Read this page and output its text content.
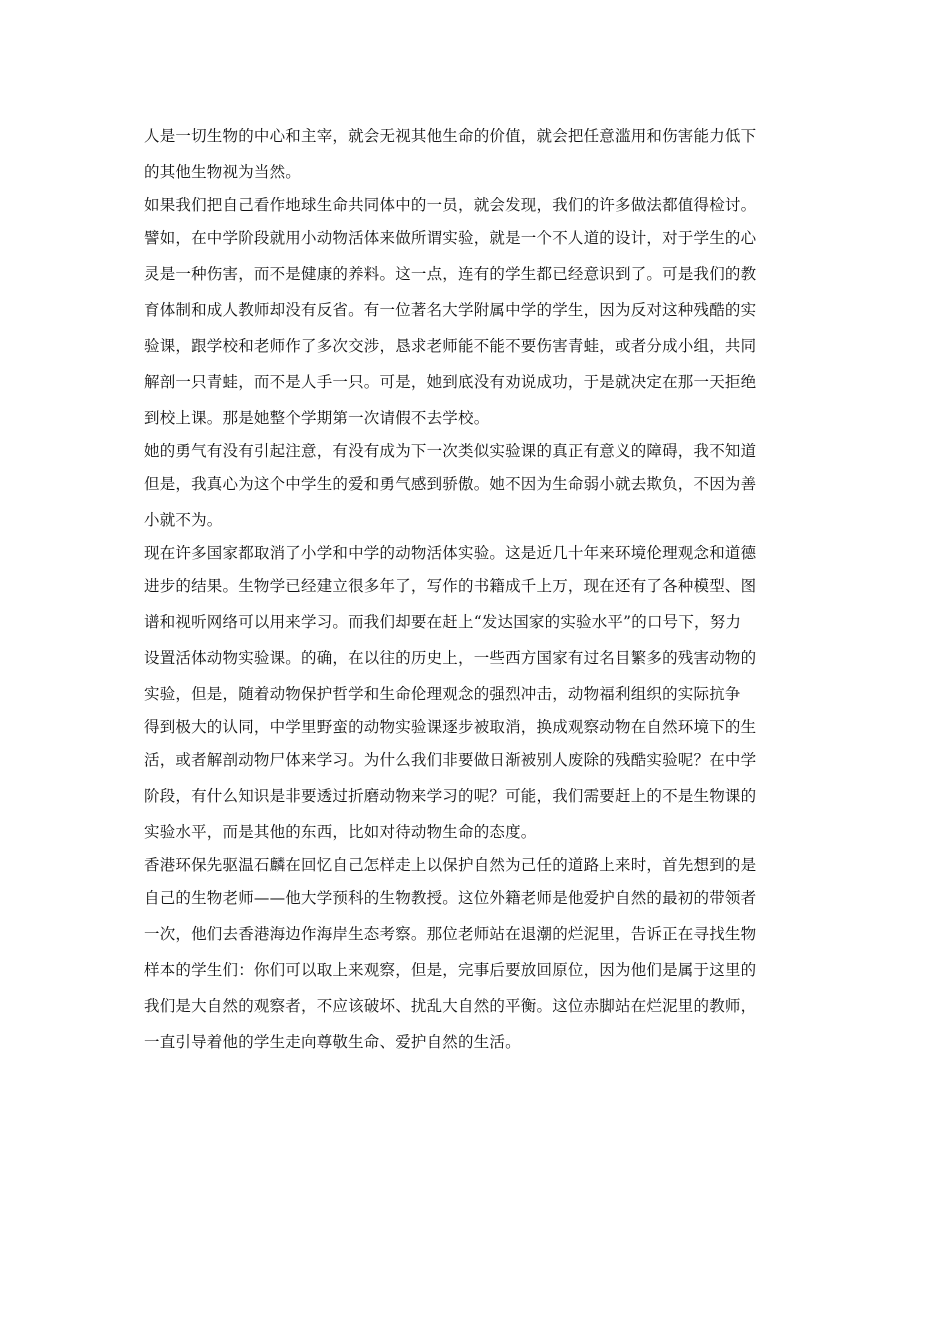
人是一切生物的中心和主宰，就会无视其他生命的价值，就会把任意滥用和伤害能力低下
的其他生物视为当然。
如果我们把自己看作地球生命共同体中的一员，就会发现，我们的许多做法都值得检讨。
譬如，在中学阶段就用小动物活体来做所谓实验，就是一个不人道的设计，对于学生的心
灵是一种伤害，而不是健康的养料。这一点，连有的学生都已经意识到了。可是我们的教
育体制和成人教师却没有反省。有一位著名大学附属中学的学生，因为反对这种残酷的实
验课，跟学校和老师作了多次交涉，恳求老师能不能不要伤害青蛙，或者分成小组，共同
解剖一只青蛙，而不是人手一只。可是，她到底没有劝说成功，于是就决定在那一天拒绝
到校上课。那是她整个学期第一次请假不去学校。
她的勇气有没有引起注意，有没有成为下一次类似实验课的真正有意义的障碍，我不知道
但是，我真心为这个中学生的爱和勇气感到骄傲。她不因为生命弱小就去欺负，不因为善
小就不为。
现在许多国家都取消了小学和中学的动物活体实验。这是近几十年来环境伦理观念和道德
进步的结果。生物学已经建立很多年了，写作的书籍成千上万，现在还有了各种模型、图
谱和视听网络可以用来学习。而我们却要在赶上“发达国家的实验水平”的口号下，努力
设置活体动物实验课。的确，在以往的历史上，一些西方国家有过名目繁多的残害动物的
实验，但是，随着动物保护哲学和生命伦理观念的强烈冲击，动物福利组织的实际抗争
得到极大的认同，中学里野蛮的动物实验课逐步被取消，换成观察动物在自然环境下的生
活，或者解剖动物尸体来学习。为什么我们非要做日渐被别人废除的残酷实验呢？在中学
阶段，有什么知识是非要透过折磨动物来学习的呢？可能，我们需要赶上的不是生物课的
实验水平，而是其他的东西，比如对待动物生命的态度。
香港环保先驱温石麟在回忆自己怎样走上以保护自然为己任的道路上来时，首先想到的是
自己的生物老师——他大学预科的生物教授。这位外籍老师是他爱护自然的最初的带领者
一次，他们去香港海边作海岸生态考察。那位老师站在退潮的烂泥里，告诉正在寻找生物
样本的学生们：你们可以取上来观察，但是，完事后要放回原位，因为他们是属于这里的
我们是大自然的观察者，不应该破坏、扰乱大自然的平衡。这位赤脚站在烂泥里的教师，
一直引导着他的学生走向尊敬生命、爱护自然的生活。
